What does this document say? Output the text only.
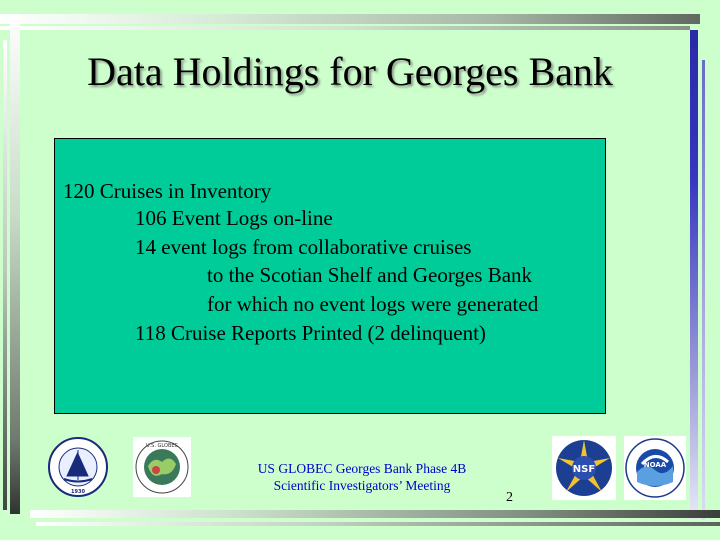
Data Holdings for Georges Bank
120 Cruises in Inventory
106 Event Logs on-line
14 event logs from collaborative cruises
to the Scotian Shelf and Georges Bank
for which no event logs were generated
118 Cruise Reports Printed (2 delinquent)
1930
U.S. GLOBEC
US GLOBEC Georges Bank Phase 4B
Scientific Investigators’ Meeting
2
NSF	NOAA
